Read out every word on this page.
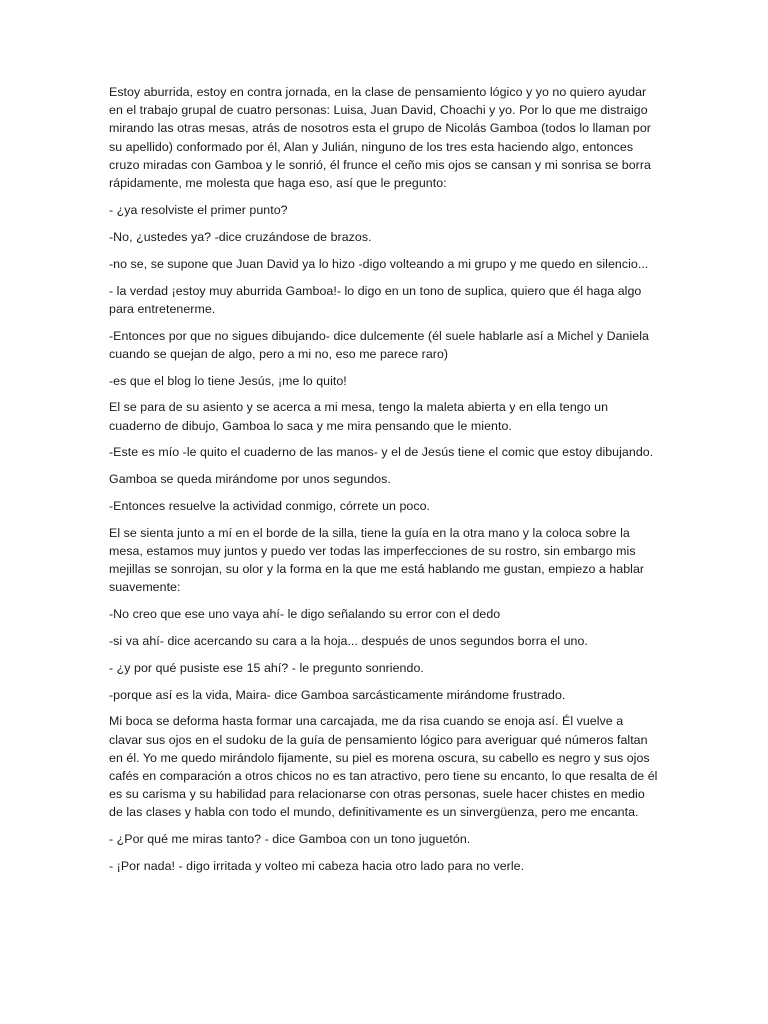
Estoy aburrida, estoy en contra jornada, en la clase de pensamiento lógico y yo no quiero ayudar en el trabajo grupal de cuatro personas: Luisa, Juan David, Choachi y yo. Por lo que me distraigo mirando las otras mesas, atrás de nosotros esta el grupo de Nicolás Gamboa (todos lo llaman por su apellido) conformado por él, Alan y Julián, ninguno de los tres esta haciendo algo, entonces cruzo miradas con Gamboa y le sonrió, él frunce el ceño mis ojos se cansan y mi sonrisa se borra rápidamente, me molesta que haga eso, así que le pregunto:

- ¿ya resolviste el primer punto?

-No, ¿ustedes ya? -dice cruzándose de brazos.

-no se, se supone que Juan David ya lo hizo -digo volteando a mi grupo y me quedo en silencio...

- la verdad ¡estoy muy aburrida Gamboa!- lo digo en un tono de suplica, quiero que él haga algo para entretenerme.

-Entonces por que no sigues dibujando- dice dulcemente (él suele hablarle así a Michel y Daniela cuando se quejan de algo, pero a mi no, eso me parece raro)

-es que el blog lo tiene Jesús, ¡me lo quito!

El se para de su asiento y se acerca a mi mesa, tengo la maleta abierta y en ella tengo un cuaderno de dibujo, Gamboa lo saca y me mira pensando que le miento.

-Este es mío -le quito el cuaderno de las manos- y el de Jesús tiene el comic que estoy dibujando.

Gamboa se queda mirándome por unos segundos.

-Entonces resuelve la actividad conmigo, córrete un poco.

El se sienta junto a mí en el borde de la silla, tiene la guía en la otra mano y la coloca sobre la mesa, estamos muy juntos y puedo ver todas las imperfecciones de su rostro, sin embargo mis mejillas se sonrojan, su olor y la forma en la que me está hablando me gustan, empiezo a hablar suavemente:

-No creo que ese uno vaya ahí- le digo señalando su error con el dedo

-si va ahí- dice acercando su cara a la hoja... después de unos segundos borra el uno.

- ¿y por qué pusiste ese 15 ahí? - le pregunto sonriendo.

-porque así es la vida, Maira- dice Gamboa sarcásticamente mirándome frustrado.

Mi boca se deforma hasta formar una carcajada, me da risa cuando se enoja así. Él vuelve a clavar sus ojos en el sudoku de la guía de pensamiento lógico para averiguar qué números faltan en él. Yo me quedo mirándolo fijamente, su piel es morena oscura, su cabello es negro y sus ojos cafés en comparación a otros chicos no es tan atractivo, pero tiene su encanto, lo que resalta de él es su carisma y su habilidad para relacionarse con otras personas, suele hacer chistes en medio de las clases y habla con todo el mundo, definitivamente es un sinvergüenza, pero me encanta.

- ¿Por qué me miras tanto? - dice Gamboa con un tono juguetón.

- ¡Por nada! - digo irritada y volteo mi cabeza hacia otro lado para no verle.
